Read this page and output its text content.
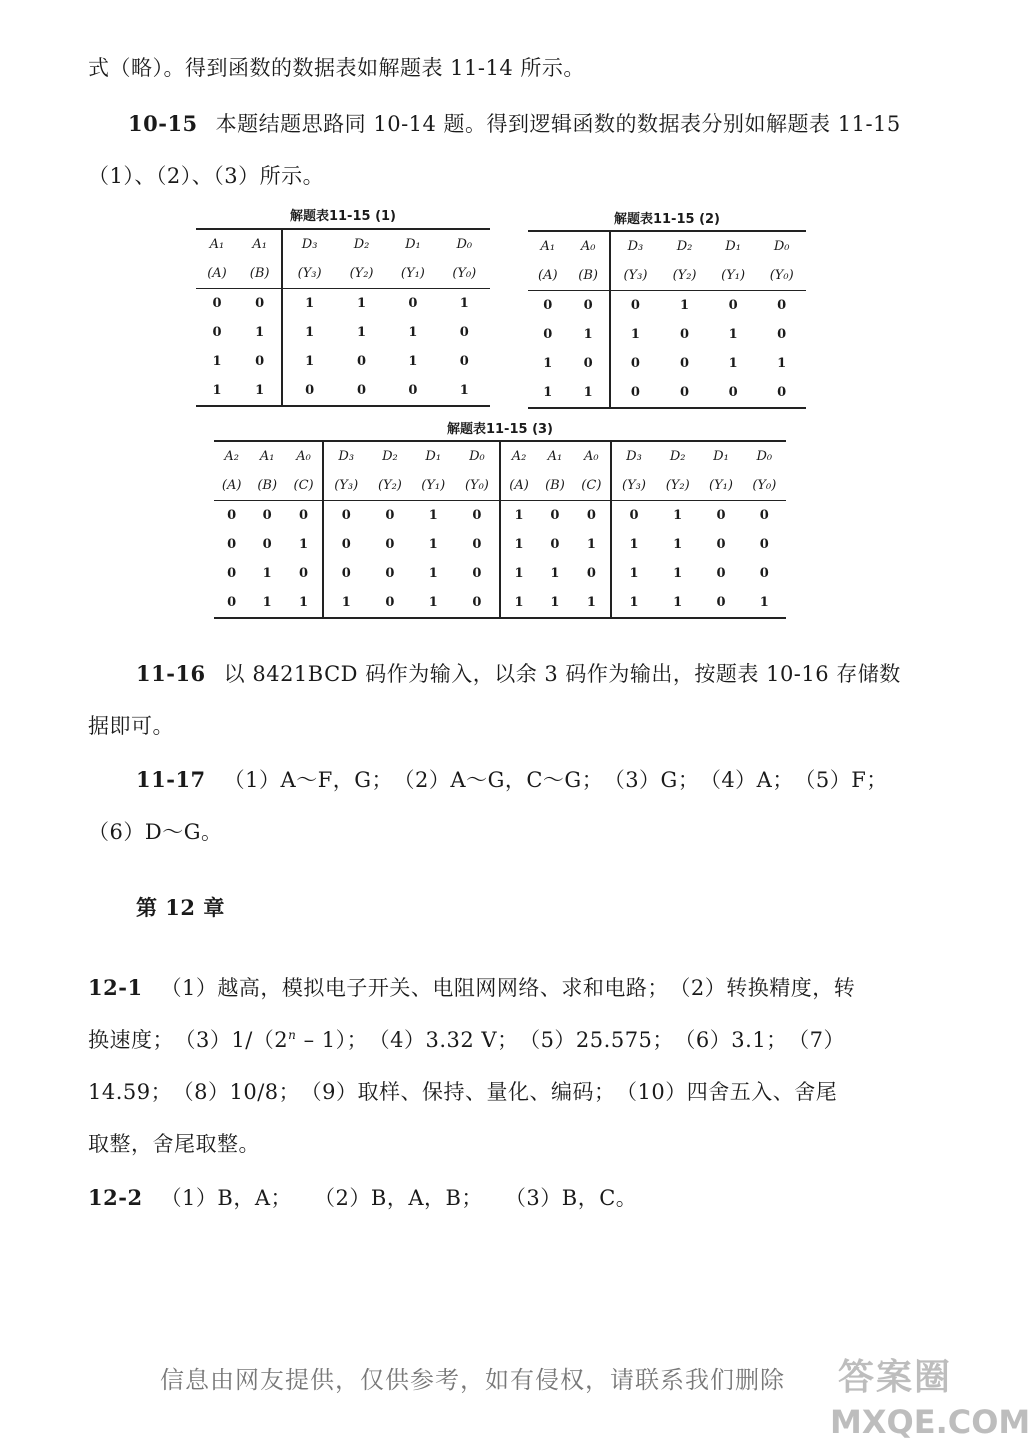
式（略）。得到函数的数据表如解题表 11-14 所示。
10-15 本题结题思路同 10-14 题。得到逻辑函数的数据表分别如解题表 11-15
（1）、（2）、（3）所示。
解题表11-15 (1)
A₁	A₁	D₃	D₂	D₁	D₀
(A)	(B)	(Y₃)	(Y₂)	(Y₁)	(Y₀)
0	0	1	1	0	1
0	1	1	1	1	0
1	0	1	0	1	0
1	1	0	0	0	1
解题表11-15 (2)
A₁	A₀	D₃	D₂	D₁	D₀
(A)	(B)	(Y₃)	(Y₂)	(Y₁)	(Y₀)
0	0	0	1	0	0
0	1	1	0	1	0
1	0	0	0	1	1
1	1	0	0	0	0
解题表11-15 (3)
A₂	A₁	A₀	D₃	D₂	D₁	D₀	A₂	A₁	A₀	D₃	D₂	D₁	D₀
(A)	(B)	(C)	(Y₃)	(Y₂)	(Y₁)	(Y₀)	(A)	(B)	(C)	(Y₃)	(Y₂)	(Y₁)	(Y₀)
0	0	0	0	0	1	0	1	0	0	0	1	0	0
0	0	1	0	0	1	0	1	0	1	1	1	0	0
0	1	0	0	0	1	0	1	1	0	1	1	0	0
0	1	1	1	0	1	0	1	1	1	1	1	0	1
11-16 以 8421BCD 码作为输入，以余 3 码作为输出，按题表 10-16 存储数
据即可。
11-17 （1）A～F，G；　（2）A～G，C～G；　（3）G；　（4）A；　（5）F；
（6）D～G。
第 12 章
12-1 （1）越高，模拟电子开关、电阻网网络、求和电路；　（2）转换精度，转
换速度；　（3）1/（2$^n$ – 1）；　（4）3.32 V；　（5）25.575；　（6）3.1；　（7）
14.59；　（8）10/8；　（9）取样、保持、量化、编码；　（10）四舍五入、舍尾
取整，舍尾取整。
12-2 （1）B，A；　　（2）B，A，B；　　（3）B，C。
信息由网友提供，仅供参考，如有侵权，请联系我们删除 答案圈
MXQE.COM
